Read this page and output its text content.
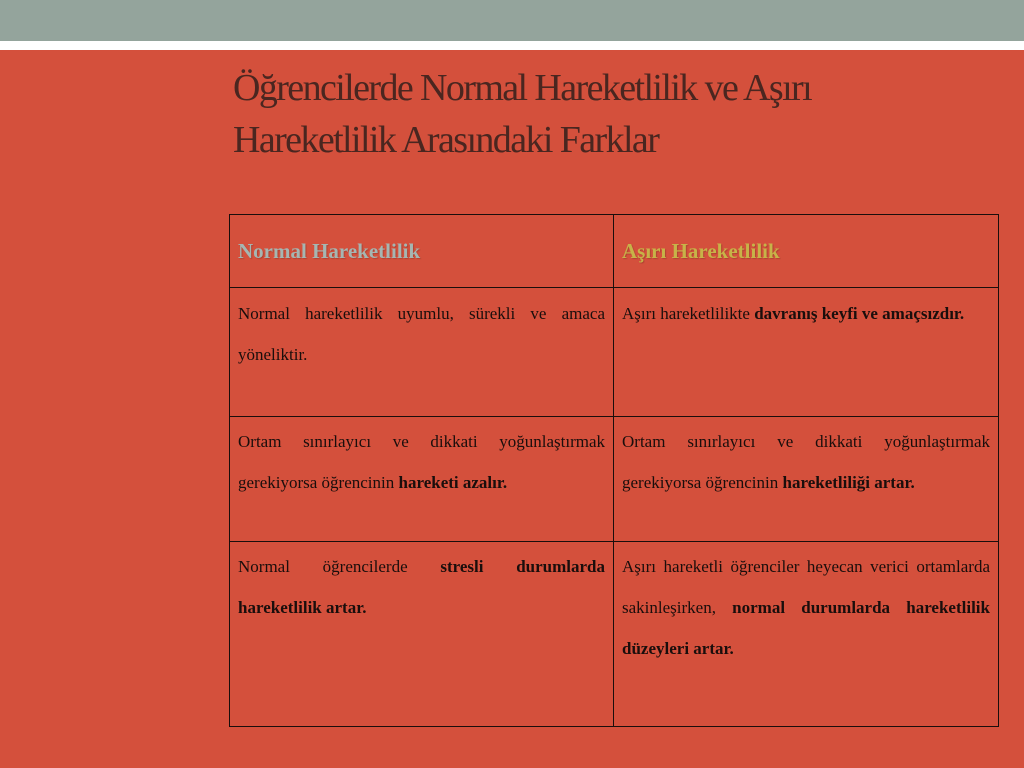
Öğrencilerde Normal Hareketlilik ve Aşırı
Hareketlilik Arasındaki Farklar
Normal Hareketlilik	Aşırı Hareketlilik
Normal hareketlilik uyumlu, sürekli ve amaca yöneliktir.	Aşırı hareketlilikte davranış keyfi ve amaçsızdır.
Ortam sınırlayıcı ve dikkati yoğunlaştırmak gerekiyorsa öğrencinin hareketi azalır.	Ortam sınırlayıcı ve dikkati yoğunlaştırmak gerekiyorsa öğrencinin hareketliliği artar.
Normal öğrencilerde stresli durumlarda hareketlilik artar.	Aşırı hareketli öğrenciler heyecan verici ortamlarda sakinleşirken, normal durumlarda hareketlilik düzeyleri artar.
